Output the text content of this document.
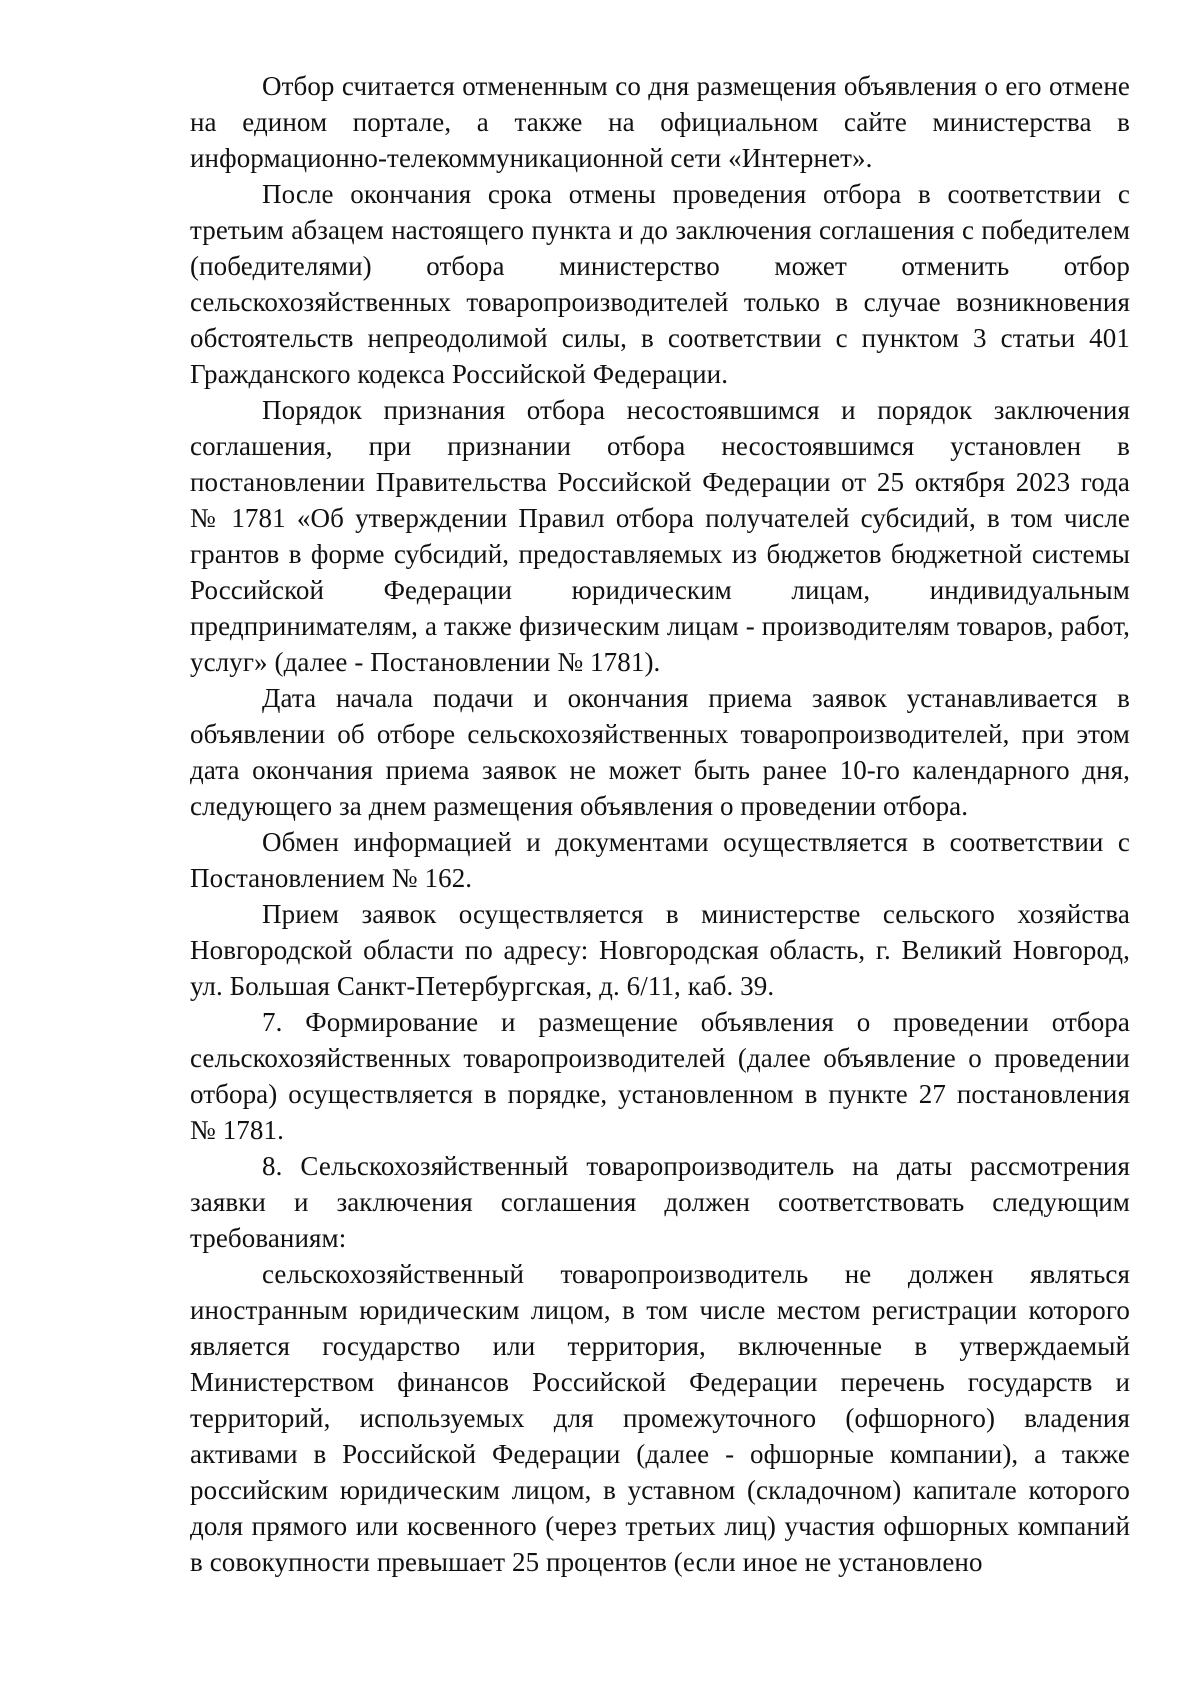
Отбор считается отмененным со дня размещения объявления о его отмене на едином портале, а также на официальном сайте министерства в информационно-телекоммуникационной сети «Интернет».

После окончания срока отмены проведения отбора в соответствии с третьим абзацем настоящего пункта и до заключения соглашения с победителем (победителями) отбора министерство может отменить отбор сельскохозяйственных товаропроизводителей только в случае возникновения обстоятельств непреодолимой силы, в соответствии с пунктом 3 статьи 401 Гражданского кодекса Российской Федерации.

Порядок признания отбора несостоявшимся и порядок заключения соглашения, при признании отбора несостоявшимся установлен в постановлении Правительства Российской Федерации от 25 октября 2023 года № 1781 «Об утверждении Правил отбора получателей субсидий, в том числе грантов в форме субсидий, предоставляемых из бюджетов бюджетной системы Российской Федерации юридическим лицам, индивидуальным предпринимателям, а также физическим лицам - производителям товаров, работ, услуг» (далее - Постановлении № 1781).

Дата начала подачи и окончания приема заявок устанавливается в объявлении об отборе сельскохозяйственных товаропроизводителей, при этом дата окончания приема заявок не может быть ранее 10-го календарного дня, следующего за днем размещения объявления о проведении отбора.

Обмен информацией и документами осуществляется в соответствии с Постановлением № 162.

Прием заявок осуществляется в министерстве сельского хозяйства Новгородской области по адресу: Новгородская область, г. Великий Новгород, ул. Большая Санкт-Петербургская, д. 6/11, каб. 39.

7. Формирование и размещение объявления о проведении отбора сельскохозяйственных товаропроизводителей (далее объявление о проведении отбора) осуществляется в порядке, установленном в пункте 27 постановления № 1781.

8. Сельскохозяйственный товаропроизводитель на даты рассмотрения заявки и заключения соглашения должен соответствовать следующим требованиям:

сельскохозяйственный товаропроизводитель не должен являться иностранным юридическим лицом, в том числе местом регистрации которого является государство или территория, включенные в утверждаемый Министерством финансов Российской Федерации перечень государств и территорий, используемых для промежуточного (офшорного) владения активами в Российской Федерации (далее - офшорные компании), а также российским юридическим лицом, в уставном (складочном) капитале которого доля прямого или косвенного (через третьих лиц) участия офшорных компаний в совокупности превышает 25 процентов (если иное не установлено
